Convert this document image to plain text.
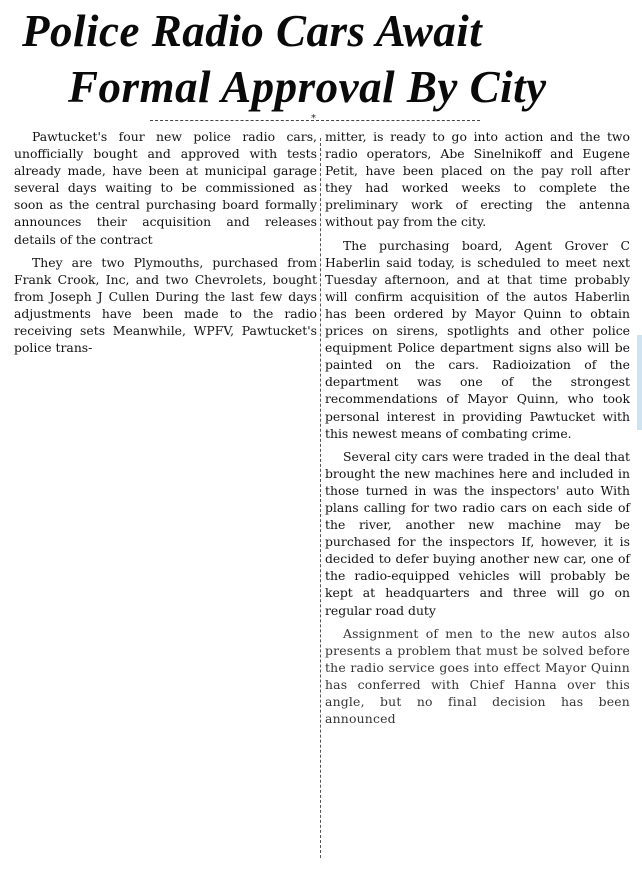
Police Radio Cars Await
Formal Approval By City
*

Pawtucket's four new police radio cars, unofficially bought and approved with tests already made, have been at municipal garage several days waiting to be commissioned as soon as the central purchasing board formally announces their acquisition and releases details of the contract

They are two Plymouths, purchased from Frank Crook, Inc, and two Chevrolets, bought from Joseph J Cullen During the last few days adjustments have been made to the radio receiving sets Meanwhile, WPFV, Pawtucket's police trans-

mitter, is ready to go into action and the two radio operators, Abe Sinelnikoff and Eugene Petit, have been placed on the pay roll after they had worked weeks to complete the preliminary work of erecting the antenna without pay from the city.

The purchasing board, Agent Grover C Haberlin said today, is scheduled to meet next Tuesday afternoon, and at that time probably will confirm acquisition of the autos Haberlin has been ordered by Mayor Quinn to obtain prices on sirens, spotlights and other police equipment Police department signs also will be painted on the cars. Radioization of the department was one of the strongest recommendations of Mayor Quinn, who took personal interest in providing Pawtucket with this newest means of combating crime.

Several city cars were traded in the deal that brought the new machines here and included in those turned in was the inspectors' auto With plans calling for two radio cars on each side of the river, another new machine may be purchased for the inspectors If, however, it is decided to defer buying another new car, one of the radio-equipped vehicles will probably be kept at headquarters and three will go on regular road duty

Assignment of men to the new autos also presents a problem that must be solved before the radio service goes into effect Mayor Quinn has conferred with Chief Hanna over this angle, but no final decision has been announced
